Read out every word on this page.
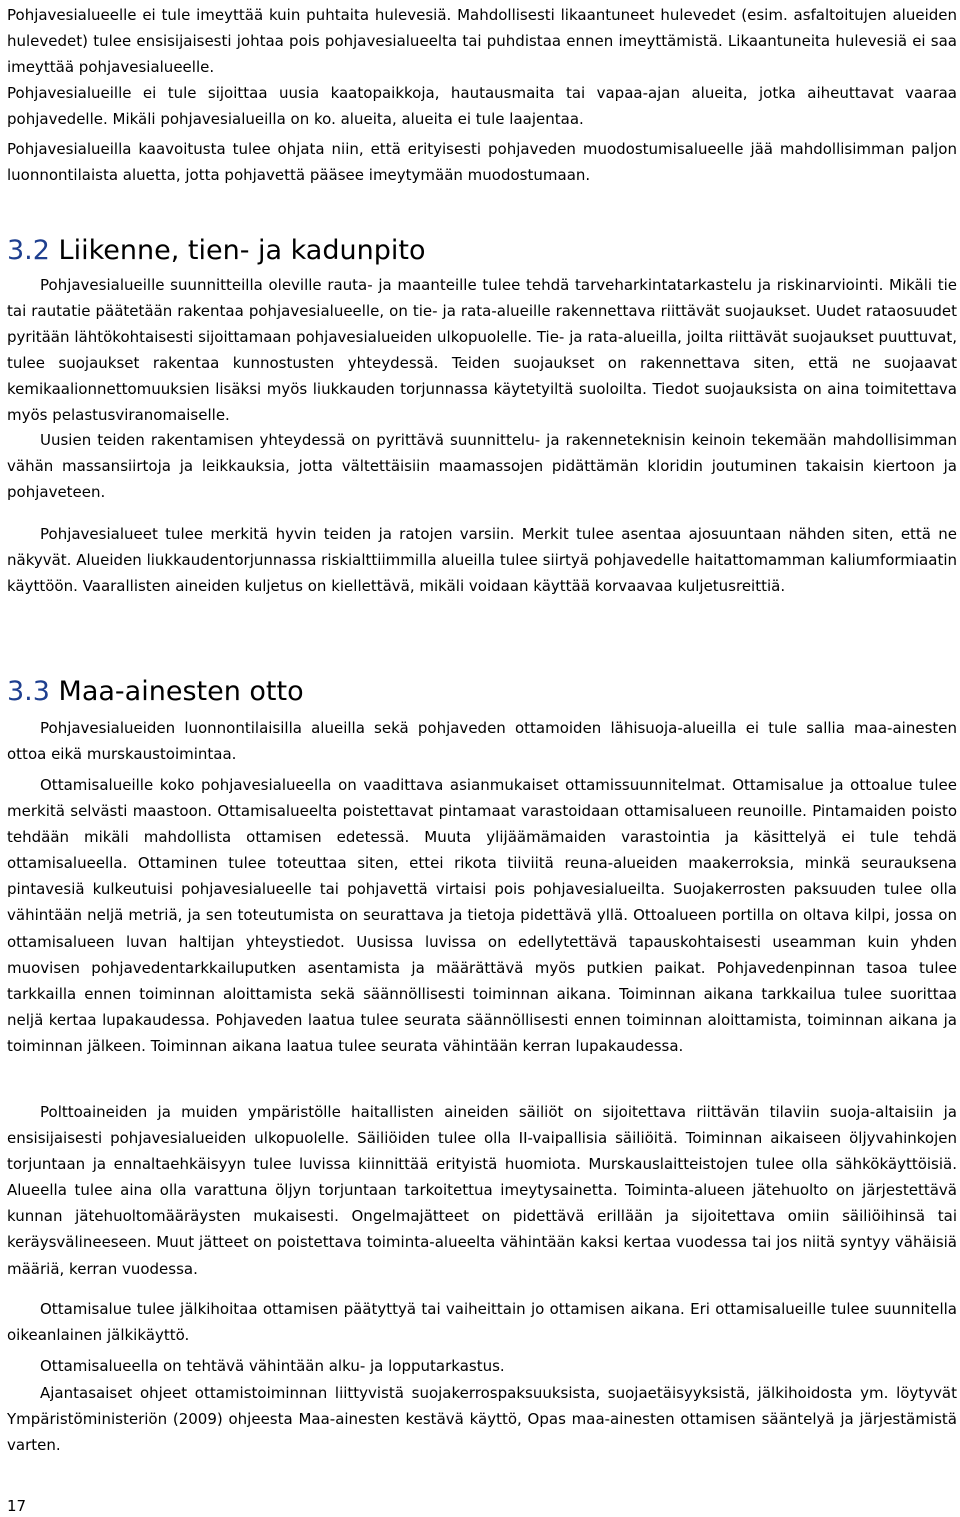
Pohjavesialueelle ei tule imeyttää kuin puhtaita hulevesiä. Mahdollisesti likaantuneet hulevedet (esim. asfaltoitujen alueiden hulevedet) tulee ensisijaisesti johtaa pois pohjavesialueelta tai puhdistaa ennen imeyttämistä. Likaantuneita hulevesiä ei saa imeyttää pohjavesialueelle.

Pohjavesialueille ei tule sijoittaa uusia kaatopaikkoja, hautausmaita tai vapaa-ajan alueita, jotka aiheuttavat vaaraa pohjavedelle. Mikäli pohjavesialueilla on ko. alueita, alueita ei tule laajentaa.

Pohjavesialueilla kaavoitusta tulee ohjata niin, että erityisesti pohjaveden muodostumisalueelle jää mahdollisimman paljon luonnontilaista aluetta, jotta pohjavettä pääsee imeytymään muodostumaan.

3.2 Liikenne, tien- ja kadunpito

Pohjavesialueille suunnitteilla oleville rauta- ja maanteille tulee tehdä tarveharkintatarkastelu ja riskinarviointi. Mikäli tie tai rautatie päätetään rakentaa pohjavesialueelle, on tie- ja rata-alueille rakennettava riittävät suojaukset. Uudet rataosuudet pyritään lähtökohtaisesti sijoittamaan pohjavesialueiden ulkopuolelle. Tie- ja rata-alueilla, joilta riittävät suojaukset puuttuvat, tulee suojaukset rakentaa kunnostusten yhteydessä. Teiden suojaukset on rakennettava siten, että ne suojaavat kemikaalionnettomuuksien lisäksi myös liukkauden torjunnassa käytetyiltä suoloilta. Tiedot suojauksista on aina toimitettava myös pelastusviranomaiselle.

Uusien teiden rakentamisen yhteydessä on pyrittävä suunnittelu- ja rakenneteknisin keinoin tekemään mahdollisimman vähän massansiirtoja ja leikkauksia, jotta vältettäisiin maamassojen pidättämän kloridin joutuminen takaisin kiertoon ja pohjaveteen.

Pohjavesialueet tulee merkitä hyvin teiden ja ratojen varsiin. Merkit tulee asentaa ajosuuntaan nähden siten, että ne näkyvät. Alueiden liukkaudentorjunnassa riskialttiimmilla alueilla tulee siirtyä pohjavedelle haitattomamman kaliumformiaatin käyttöön. Vaarallisten aineiden kuljetus on kiellettävä, mikäli voidaan käyttää korvaavaa kuljetusreittiä.

3.3 Maa-ainesten otto

Pohjavesialueiden luonnontilaisilla alueilla sekä pohjaveden ottamoiden lähisuoja-alueilla ei tule sallia maa-ainesten ottoa eikä murskaustoimintaa.

Ottamisalueille koko pohjavesialueella on vaadittava asianmukaiset ottamissuunnitelmat. Ottamisalue ja ottoalue tulee merkitä selvästi maastoon. Ottamisalueelta poistettavat pintamaat varastoidaan ottamisalueen reunoille. Pintamaiden poisto tehdään mikäli mahdollista ottamisen edetessä. Muuta ylijäämämaiden varastointia ja käsittelyä ei tule tehdä ottamisalueella. Ottaminen tulee toteuttaa siten, ettei rikota tiiviitä reuna-alueiden maakerroksia, minkä seurauksena pintavesiä kulkeutuisi pohjavesialueelle tai pohjavettä virtaisi pois pohjavesialueilta. Suojakerrosten paksuuden tulee olla vähintään neljä metriä, ja sen toteutumista on seurattava ja tietoja pidettävä yllä. Ottoalueen portilla on oltava kilpi, jossa on ottamisalueen luvan haltijan yhteystiedot. Uusissa luvissa on edellytettävä tapauskohtaisesti useamman kuin yhden muovisen pohjavedentarkkailuputken asentamista ja määrättävä myös putkien paikat. Pohjavedenpinnan tasoa tulee tarkkailla ennen toiminnan aloittamista sekä säännöllisesti toiminnan aikana. Toiminnan aikana tarkkailua tulee suorittaa neljä kertaa lupakaudessa. Pohjaveden laatua tulee seurata säännöllisesti ennen toiminnan aloittamista, toiminnan aikana ja toiminnan jälkeen. Toiminnan aikana laatua tulee seurata vähintään kerran lupakaudessa.

Polttoaineiden ja muiden ympäristölle haitallisten aineiden säiliöt on sijoitettava riittävän tilaviin suoja-altaisiin ja ensisijaisesti pohjavesialueiden ulkopuolelle. Säiliöiden tulee olla II-vaipallisia säiliöitä. Toiminnan aikaiseen öljyvahinkojen torjuntaan ja ennaltaehkäisyyn tulee luvissa kiinnittää erityistä huomiota. Murskauslaitteistojen tulee olla sähkökäyttöisiä. Alueella tulee aina olla varattuna öljyn torjuntaan tarkoitettua imeytysainetta. Toiminta-alueen jätehuolto on järjestettävä kunnan jätehuoltomääräysten mukaisesti. Ongelmajätteet on pidettävä erillään ja sijoitettava omiin säiliöihinsä tai keräysvälineeseen. Muut jätteet on poistettava toiminta-alueelta vähintään kaksi kertaa vuodessa tai jos niitä syntyy vähäisiä määriä, kerran vuodessa.

Ottamisalue tulee jälkihoitaa ottamisen päätyttyä tai vaiheittain jo ottamisen aikana. Eri ottamisalueille tulee suunnitella oikeanlainen jälkikäyttö.

Ottamisalueella on tehtävä vähintään alku- ja lopputarkastus.

Ajantasaiset ohjeet ottamistoiminnan liittyvistä suojakerrospaksuuksista, suojaetäisyyksistä, jälkihoidosta ym. löytyvät Ympäristöministeriön (2009) ohjeesta Maa-ainesten kestävä käyttö, Opas maa-ainesten ottamisen sääntelyä ja järjestämistä varten.

17
